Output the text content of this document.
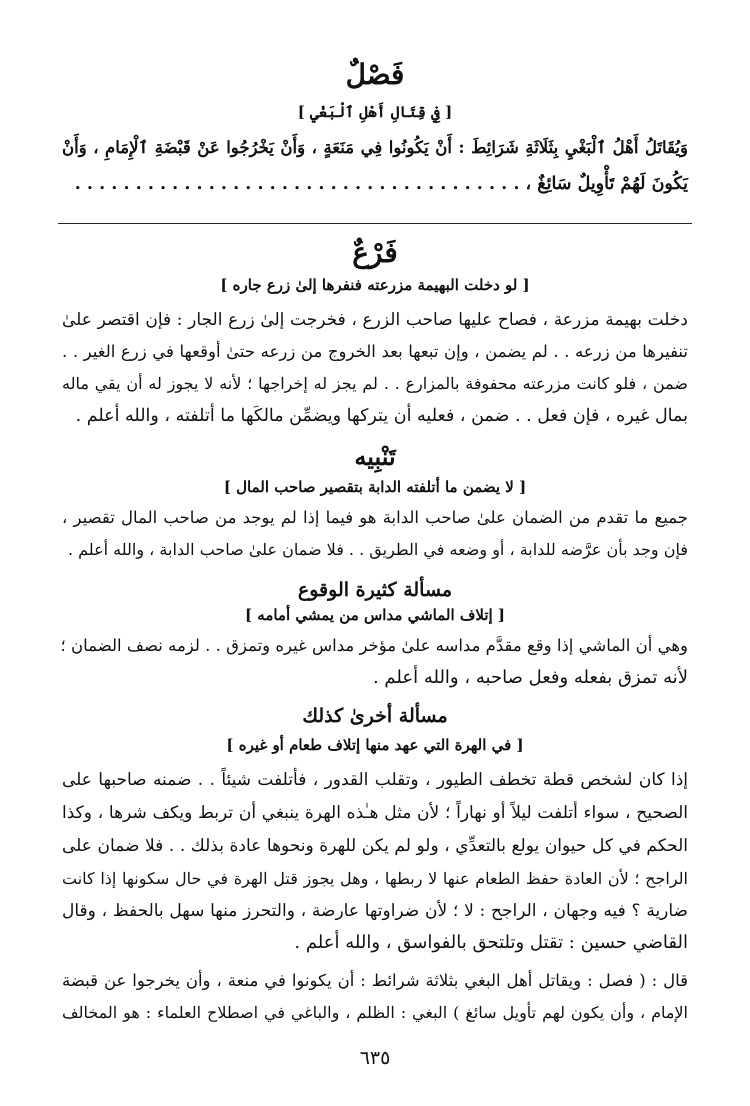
فَصْلٌ
[ فِي قِتَالِ أَهْلِ ٱلْبَغْيِ ]
وَيُقَاتَلُ أَهْلُ ٱلْبَغْيِ بِثَلَاثَةِ شَرَائِطَ : أَنْ يَكُونُوا فِي مَنَعَةٍ ، وَأَنْ يَخْرُجُوا عَنْ قَبْضَةِ ٱلْإِمَامِ ، وَأَنْ
يَكُونَ لَهُمْ تَأْوِيلٌ سَائِغٌ ، . . . . . . . . . . . . . . . . . . . . . . . . . . . . . . . . . . . . .
فَرْعٌ
[ لو دخلت البهيمة مزرعته فنفرها إلىٰ زرع جاره ]
دخلت بهيمة مزرعة ، فصاح عليها صاحب الزرع ، فخرجت إلىٰ زرع الجار : فإن اقتصر علىٰ
تنفيرها من زرعه . . لم يضمن ، وإن تبعها بعد الخروج من زرعه حتىٰ أوقعها في زرع الغير . .
ضمن ، فلو كانت مزرعته محفوفة بالمزارع . . لم يجز له إخراجها ؛ لأنه لا يجوز له أن يقي ماله
بمال غيره ، فإن فعل . . ضمن ، فعليه أن يتركها ويضمِّن مالكَها ما أتلفته ، والله أعلم .
تَنْبِيه
[ لا يضمن ما أتلفته الدابة بتقصير صاحب المال ]
جميع ما تقدم من الضمان علىٰ صاحب الدابة هو فيما إذا لم يوجد من صاحب المال تقصير ،
فإن وجد بأن عرَّضه للدابة ، أو وضعه في الطريق . . فلا ضمان علىٰ صاحب الدابة ، والله أعلم .
مسألة كثيرة الوقوع
[ إتلاف الماشي مداس من يمشي أمامه ]
وهي أن الماشي إذا وقع مقدَّم مداسه علىٰ مؤخر مداس غيره وتمزق . . لزمه نصف الضمان ؛
لأنه تمزق بفعله وفعل صاحبه ، والله أعلم .
مسألة أخرىٰ كذلك
[ في الهرة التي عهد منها إتلاف طعام أو غيره ]
إذا كان لشخص قطة تخطف الطيور ، وتقلب القدور ، فأتلفت شيئاً . . ضمنه صاحبها على
الصحيح ، سواء أتلفت ليلاً أو نهاراً ؛ لأن مثل هـٰذه الهرة ينبغي أن تربط ويكف شرها ، وكذا
الحكم في كل حيوان يولع بالتعدِّي ، ولو لم يكن للهرة ونحوها عادة بذلك . . فلا ضمان على
الراجح ؛ لأن العادة حفظ الطعام عنها لا ربطها ، وهل يجوز قتل الهرة في حال سكونها إذا كانت
ضارية ؟ فيه وجهان ، الراجح : لا ؛ لأن ضراوتها عارضة ، والتحرز منها سهل بالحفظ ، وقال
القاضي حسين : تقتل وتلتحق بالفواسق ، والله أعلم .
قال : ( فصل : ويقاتل أهل البغي بثلاثة شرائط : أن يكونوا في منعة ، وأن يخرجوا عن قبضة
الإمام ، وأن يكون لهم تأويل سائغ ) البغي : الظلم ، والباغي في اصطلاح العلماء : هو المخالف
٦٣٥
